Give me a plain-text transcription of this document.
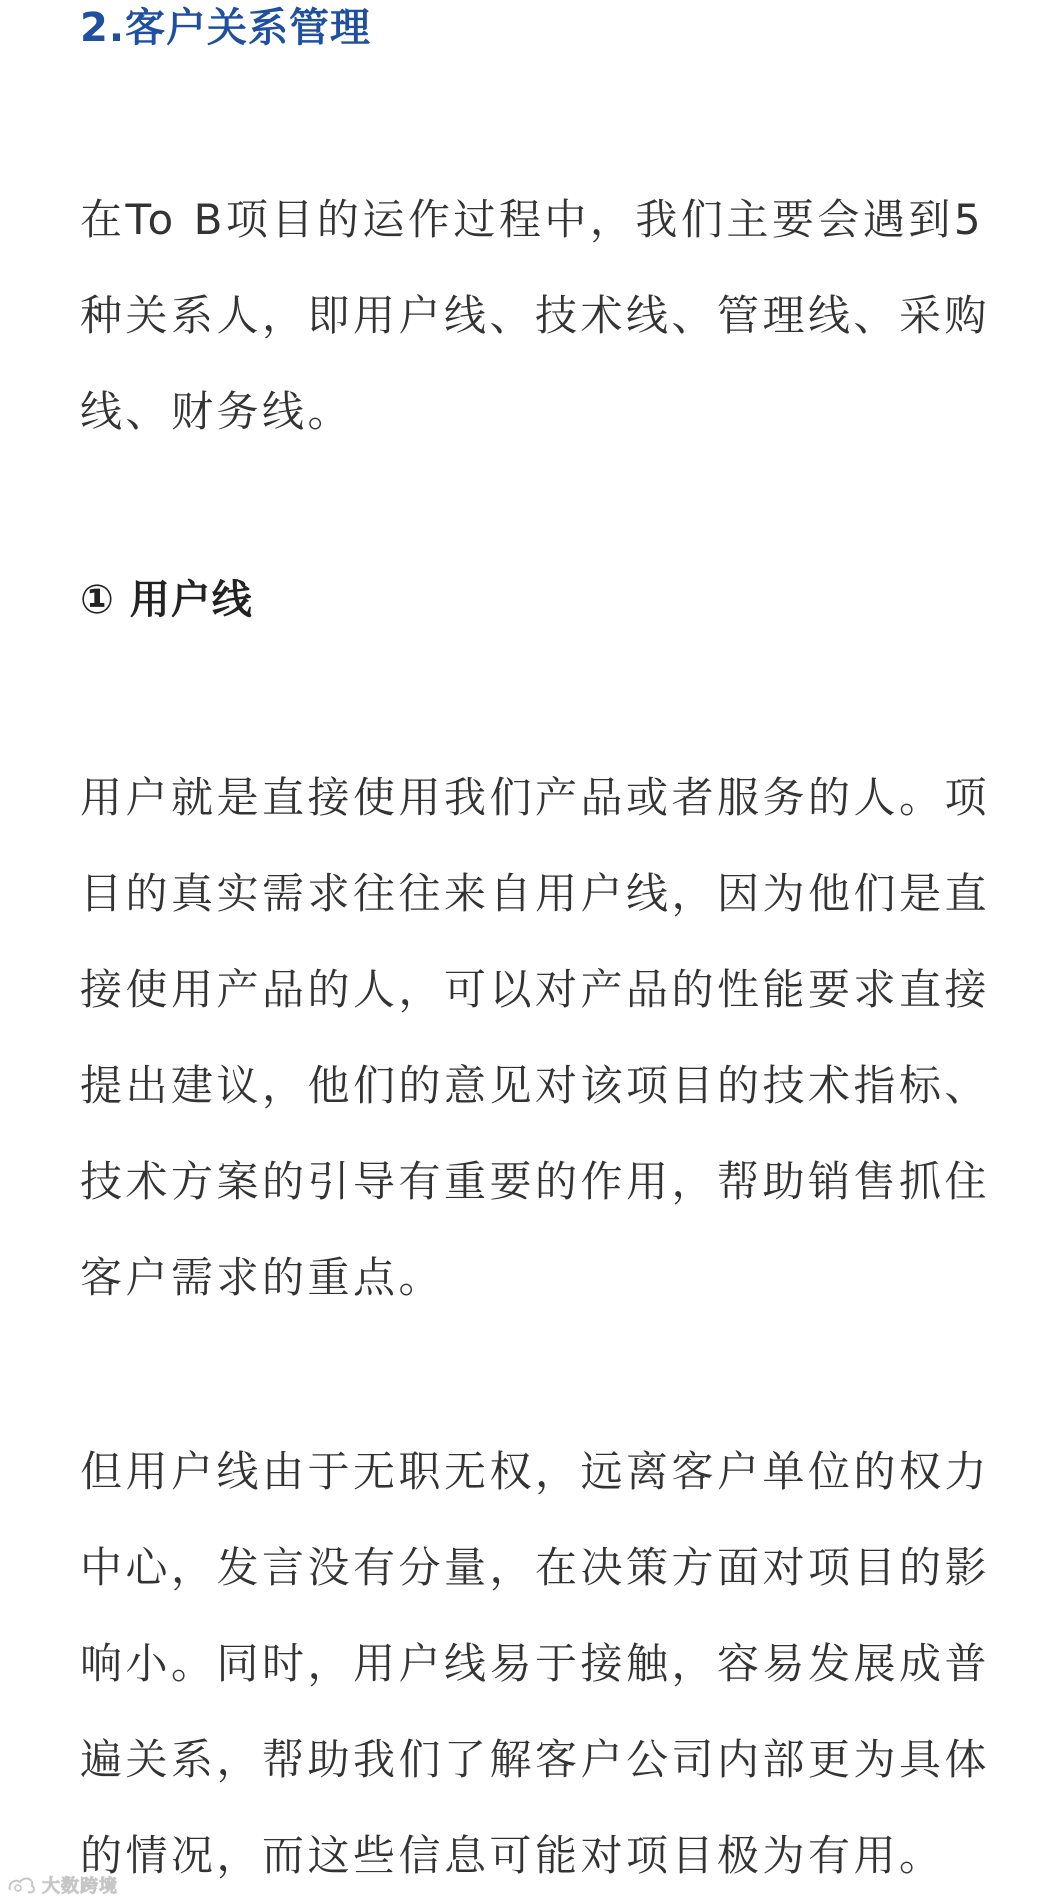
2.客户关系管理

在To B项目的运作过程中，我们主要会遇到5种关系人，即用户线、技术线、管理线、采购线、财务线。

① 用户线

用户就是直接使用我们产品或者服务的人。项目的真实需求往往来自用户线，因为他们是直接使用产品的人，可以对产品的性能要求直接提出建议，他们的意见对该项目的技术指标、技术方案的引导有重要的作用，帮助销售抓住客户需求的重点。

但用户线由于无职无权，远离客户单位的权力中心，发言没有分量，在决策方面对项目的影响小。同时，用户线易于接触，容易发展成普遍关系，帮助我们了解客户公司内部更为具体的情况，而这些信息可能对项目极为有用。

大数跨境
